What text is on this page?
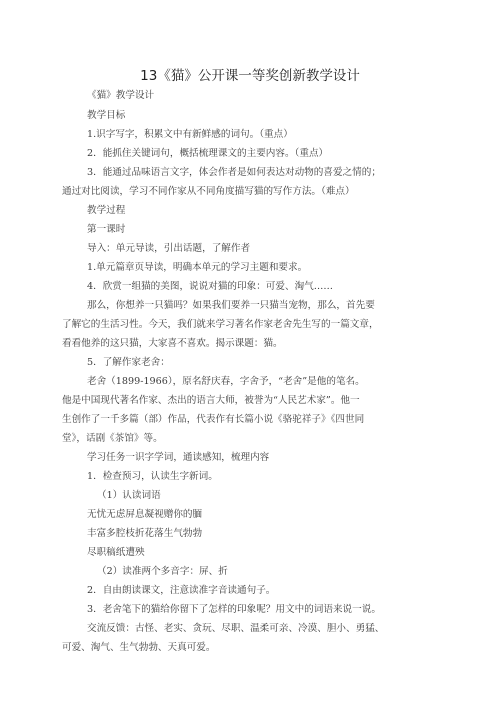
13《猫》公开课一等奖创新教学设计
《猫》教学设计
教学目标
1.识字写字，积累文中有新鲜感的词句。（重点）
2．能抓住关键词句，概括梳理课文的主要内容。（重点）
3．能通过品味语言文字，体会作者是如何表达对动物的喜爱之情的；
通过对比阅读，学习不同作家从不同角度描写猫的写作方法。（难点）
教学过程
第一课时
导入：单元导读，引出话题，了解作者
1.单元篇章页导读，明确本单元的学习主题和要求。
4．欣赏一组猫的美图，说说对猫的印象：可爱、淘气……
那么，你想养一只猫吗？如果我们要养一只猫当宠物，那么，首先要
了解它的生活习性。今天，我们就来学习著名作家老舍先生写的一篇文章，
看看他养的这只猫，大家喜不喜欢。揭示课题：猫。
5．了解作家老舍：
老舍（1899-1966），原名舒庆春，字舍予，“老舍”是他的笔名。
他是中国现代著名作家、杰出的语言大师，被誉为“人民艺术家”。他一
生创作了一千多篇（部）作品，代表作有长篇小说《骆驼祥子》《四世同
堂》，话剧《茶馆》等。
学习任务一识字学词，通读感知，梳理内容
1．检查预习，认读生字新词。
（1）认读词语
无忧无虑屏息凝视赠你的腼
丰富多腔枝折花落生气勃勃
尽职稿纸遭殃
（2）读准两个多音字：屏、折
2．自由朗读课文，注意读准字音读通句子。
3．老舍笔下的猫给你留下了怎样的印象呢？用文中的词语来说一说。
交流反馈：古怪、老实、贪玩、尽职、温柔可亲、冷漠、胆小、勇猛、
可爱、淘气、生气勃勃、天真可爱。
